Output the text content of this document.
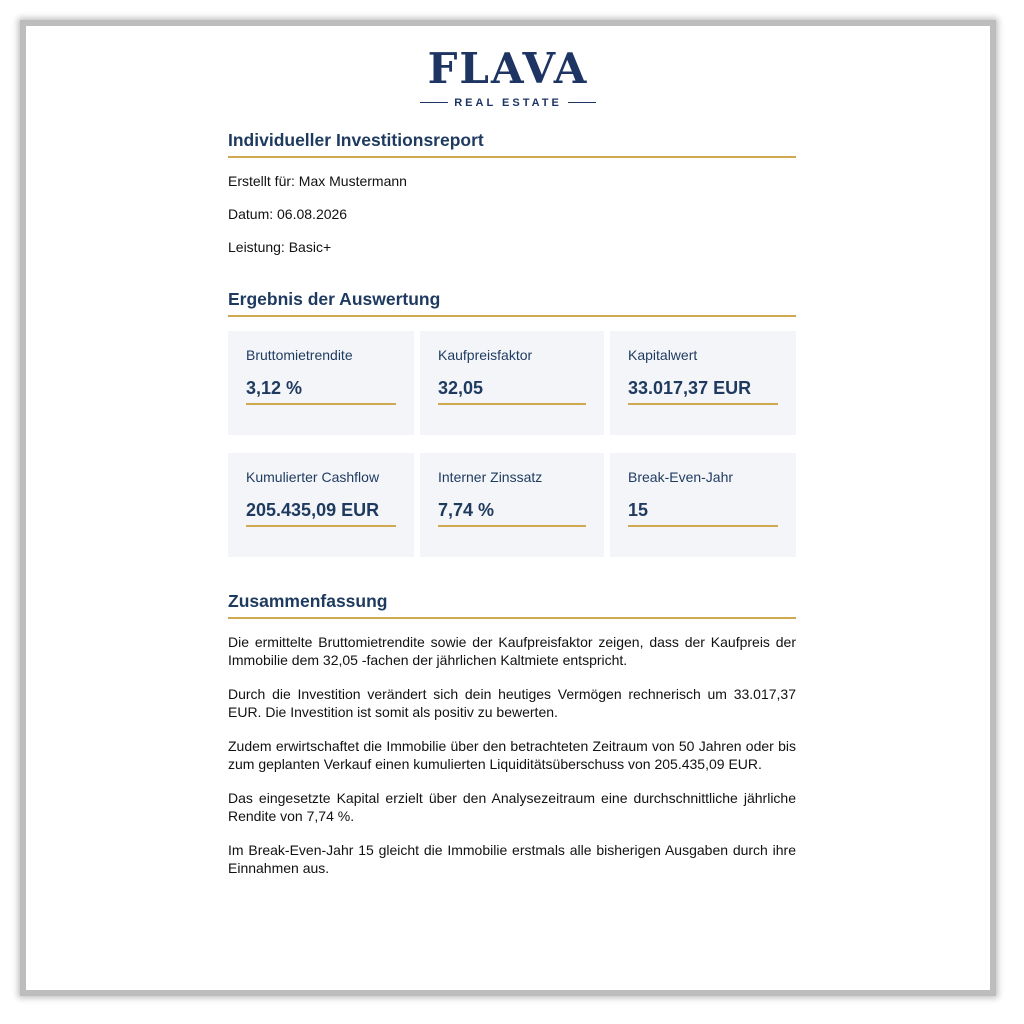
FLAVA
REAL ESTATE
Individueller Investitionsreport

Erstellt für: Max Mustermann

Datum: 06.08.2026

Leistung: Basic+

Ergebnis der Auswertung

Bruttomietrendite

3,12 %

Kaufpreisfaktor

32,05

Kapitalwert

33.017,37 EUR

Kumulierter Cashflow

205.435,09 EUR

Interner Zinssatz

7,74 %

Break-Even-Jahr

15

Zusammenfassung

Die ermittelte Bruttomietrendite sowie der Kaufpreisfaktor zeigen, dass der Kaufpreis der Immobilie dem 32,05 -fachen der jährlichen Kaltmiete entspricht.

Durch die Investition verändert sich dein heutiges Vermögen rechnerisch um 33.017,37 EUR. Die Investition ist somit als positiv zu bewerten.

Zudem erwirtschaftet die Immobilie über den betrachteten Zeitraum von 50 Jahren oder bis zum geplanten Verkauf einen kumulierten Liquiditätsüberschuss von 205.435,09 EUR.

Das eingesetzte Kapital erzielt über den Analysezeitraum eine durchschnittliche jährliche Rendite von 7,74 %.

Im Break-Even-Jahr 15 gleicht die Immobilie erstmals alle bisherigen Ausgaben durch ihre Einnahmen aus.
